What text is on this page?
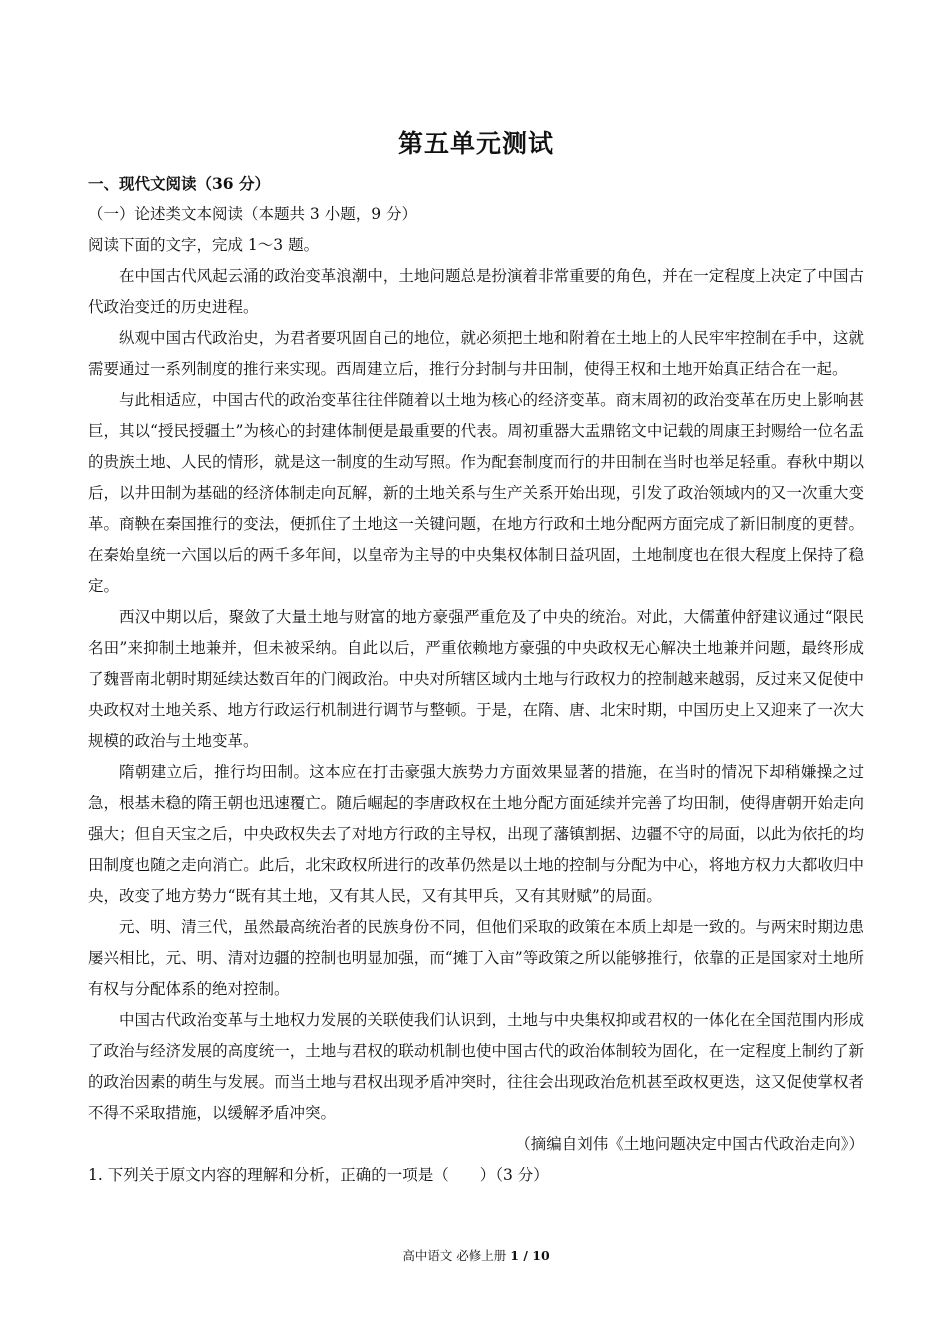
第五单元测试

一、现代文阅读（36 分）

（一）论述类文本阅读（本题共 3 小题，9 分）

阅读下面的文字，完成 1～3 题。

在中国古代风起云涌的政治变革浪潮中，土地问题总是扮演着非常重要的角色，并在一定程度上决定了中国古代政治变迁的历史进程。

纵观中国古代政治史，为君者要巩固自己的地位，就必须把土地和附着在土地上的人民牢牢控制在手中，这就需要通过一系列制度的推行来实现。西周建立后，推行分封制与井田制，使得王权和土地开始真正结合在一起。

与此相适应，中国古代的政治变革往往伴随着以土地为核心的经济变革。商末周初的政治变革在历史上影响甚巨，其以“授民授疆土”为核心的封建体制便是最重要的代表。周初重器大盂鼎铭文中记载的周康王封赐给一位名盂的贵族土地、人民的情形，就是这一制度的生动写照。作为配套制度而行的井田制在当时也举足轻重。春秋中期以后，以井田制为基础的经济体制走向瓦解，新的土地关系与生产关系开始出现，引发了政治领域内的又一次重大变革。商鞅在秦国推行的变法，便抓住了土地这一关键问题，在地方行政和土地分配两方面完成了新旧制度的更替。在秦始皇统一六国以后的两千多年间，以皇帝为主导的中央集权体制日益巩固，土地制度也在很大程度上保持了稳定。

西汉中期以后，聚敛了大量土地与财富的地方豪强严重危及了中央的统治。对此，大儒董仲舒建议通过“限民名田”来抑制土地兼并，但未被采纳。自此以后，严重依赖地方豪强的中央政权无心解决土地兼并问题，最终形成了魏晋南北朝时期延续达数百年的门阀政治。中央对所辖区域内土地与行政权力的控制越来越弱，反过来又促使中央政权对土地关系、地方行政运行机制进行调节与整顿。于是，在隋、唐、北宋时期，中国历史上又迎来了一次大规模的政治与土地变革。

隋朝建立后，推行均田制。这本应在打击豪强大族势力方面效果显著的措施，在当时的情况下却稍嫌操之过急，根基未稳的隋王朝也迅速覆亡。随后崛起的李唐政权在土地分配方面延续并完善了均田制，使得唐朝开始走向强大；但自天宝之后，中央政权失去了对地方行政的主导权，出现了藩镇割据、边疆不守的局面，以此为依托的均田制度也随之走向消亡。此后，北宋政权所进行的改革仍然是以土地的控制与分配为中心，将地方权力大都收归中央，改变了地方势力“既有其土地，又有其人民，又有其甲兵，又有其财赋”的局面。

元、明、清三代，虽然最高统治者的民族身份不同，但他们采取的政策在本质上却是一致的。与两宋时期边患屡兴相比，元、明、清对边疆的控制也明显加强，而“摊丁入亩”等政策之所以能够推行，依靠的正是国家对土地所有权与分配体系的绝对控制。

中国古代政治变革与土地权力发展的关联使我们认识到，土地与中央集权抑或君权的一体化在全国范围内形成了政治与经济发展的高度统一，土地与君权的联动机制也使中国古代的政治体制较为固化，在一定程度上制约了新的政治因素的萌生与发展。而当土地与君权出现矛盾冲突时，往往会出现政治危机甚至政权更迭，这又促使掌权者不得不采取措施，以缓解矛盾冲突。

（摘编自刘伟《土地问题决定中国古代政治走向》）

1. 下列关于原文内容的理解和分析，正确的一项是（　　）（3 分）

高中语文 必修上册 1 / 10
